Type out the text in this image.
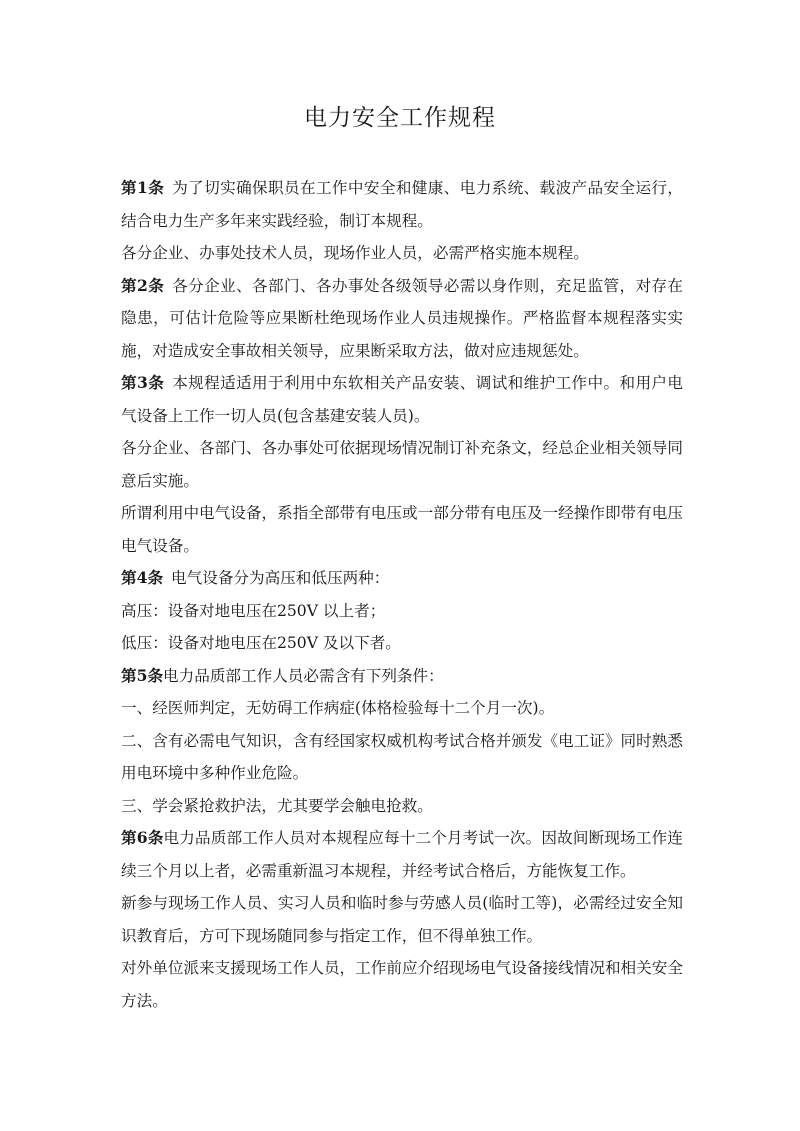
电力安全工作规程

第1条 为了切实确保职员在工作中安全和健康、电力系统、载波产品安全运行，结合电力生产多年来实践经验，制订本规程。

各分企业、办事处技术人员，现场作业人员，必需严格实施本规程。

第2条 各分企业、各部门、各办事处各级领导必需以身作则，充足监管，对存在隐患，可估计危险等应果断杜绝现场作业人员违规操作。严格监督本规程落实实施，对造成安全事故相关领导，应果断采取方法，做对应违规惩处。

第3条 本规程适适用于利用中东软相关产品安装、调试和维护工作中。和用户电气设备上工作一切人员(包含基建安装人员)。

各分企业、各部门、各办事处可依据现场情况制订补充条文，经总企业相关领导同意后实施。

所谓利用中电气设备，系指全部带有电压或一部分带有电压及一经操作即带有电压电气设备。

第4条 电气设备分为高压和低压两种：

高压：设备对地电压在250V 以上者；

低压：设备对地电压在250V 及以下者。

第5条电力品质部工作人员必需含有下列条件：

一、经医师判定，无妨碍工作病症(体格检验每十二个月一次)。

二、含有必需电气知识，含有经国家权威机构考试合格并颁发《电工证》同时熟悉用电环境中多种作业危险。

三、学会紧抢救护法，尤其要学会触电抢救。

第6条电力品质部工作人员对本规程应每十二个月考试一次。因故间断现场工作连续三个月以上者，必需重新温习本规程，并经考试合格后，方能恢复工作。

新参与现场工作人员、实习人员和临时参与劳感人员(临时工等)，必需经过安全知识教育后，方可下现场随同参与指定工作，但不得单独工作。

对外单位派来支援现场工作人员，工作前应介绍现场电气设备接线情况和相关安全方法。
